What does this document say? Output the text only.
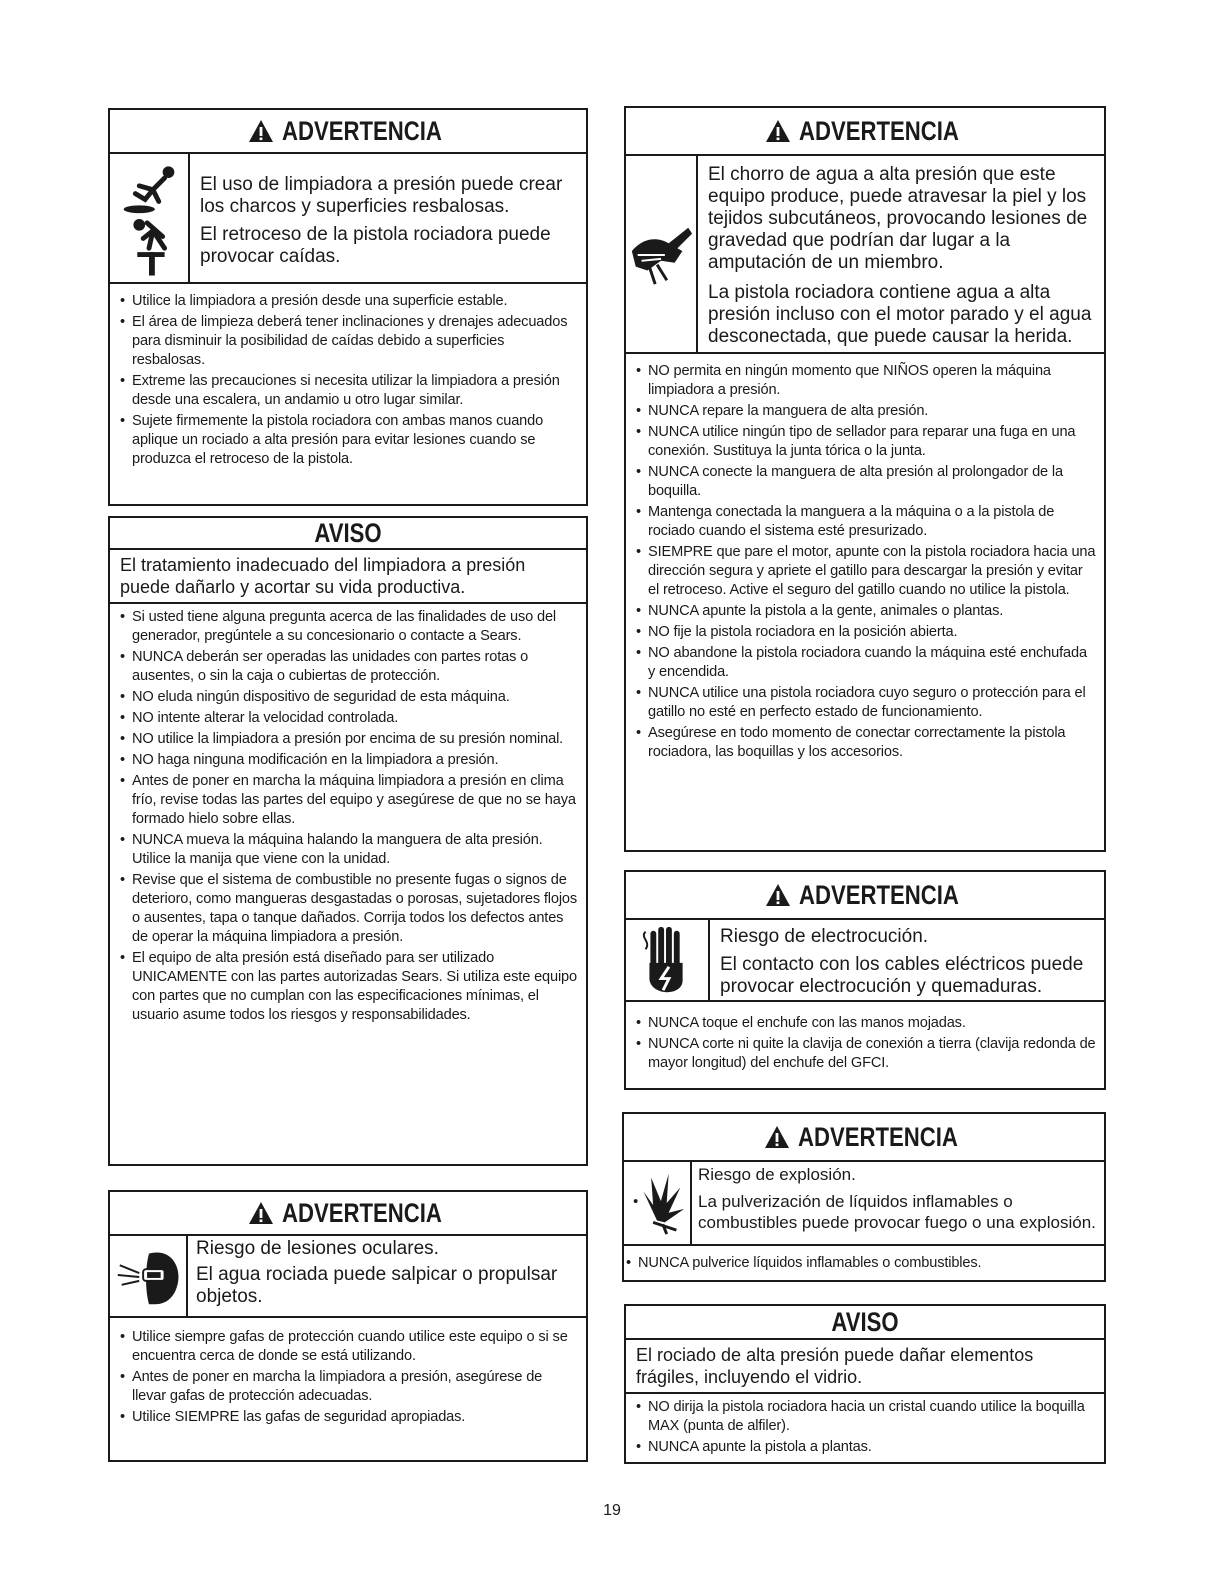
ADVERTENCIA

El uso de limpiadora a presión puede crear los charcos y superficies resbalosas.

El retroceso de la pistola rociadora puede provocar caídas.

• Utilice la limpiadora a presión desde una superficie estable.
• El área de limpieza deberá tener inclinaciones y drenajes adecuados para disminuir la posibilidad de caídas debido a superficies resbalosas.
• Extreme las precauciones si necesita utilizar la limpiadora a presión desde una escalera, un andamio u otro lugar similar.
• Sujete firmemente la pistola rociadora con ambas manos cuando aplique un rociado a alta presión para evitar lesiones cuando se produzca el retroceso de la pistola.
AVISO

El tratamiento inadecuado del limpiadora a presión puede dañarlo y acortar su vida productiva.

• Si usted tiene alguna pregunta acerca de las finalidades de uso del generador, pregúntele a su concesionario o contacte a Sears.
• NUNCA deberán ser operadas las unidades con partes rotas o ausentes, o sin la caja o cubiertas de protección.
• NO eluda ningún dispositivo de seguridad de esta máquina.
• NO intente alterar la velocidad controlada.
• NO utilice la limpiadora a presión por encima de su presión nominal.
• NO haga ninguna modificación en la limpiadora a presión.
• Antes de poner en marcha la máquina limpiadora a presión en clima frío, revise todas las partes del equipo y asegúrese de que no se haya formado hielo sobre ellas.
• NUNCA mueva la máquina halando la manguera de alta presión. Utilice la manija que viene con la unidad.
• Revise que el sistema de combustible no presente fugas o signos de deterioro, como mangueras desgastadas o porosas, sujetadores flojos o ausentes, tapa o tanque dañados. Corrija todos los defectos antes de operar la máquina limpiadora a presión.
• El equipo de alta presión está diseñado para ser utilizado UNICAMENTE con las partes autorizadas Sears. Si utiliza este equipo con partes que no cumplan con las especificaciones mínimas, el usuario asume todos los riesgos y responsabilidades.
ADVERTENCIA

Riesgo de lesiones oculares.

El agua rociada puede salpicar o propulsar objetos.

• Utilice siempre gafas de protección cuando utilice este equipo o si se encuentra cerca de donde se está utilizando.
• Antes de poner en marcha la limpiadora a presión, asegúrese de llevar gafas de protección adecuadas.
• Utilice SIEMPRE las gafas de seguridad apropiadas.
ADVERTENCIA

El chorro de agua a alta presión que este equipo produce, puede atravesar la piel y los tejidos subcutáneos, provocando lesiones de gravedad que podrían dar lugar a la amputación de un miembro.

La pistola rociadora contiene agua a alta presión incluso con el motor parado y el agua desconectada, que puede causar la herida.

• NO permita en ningún momento que NIÑOS operen la máquina limpiadora a presión.
• NUNCA repare la manguera de alta presión.
• NUNCA utilice ningún tipo de sellador para reparar una fuga en una conexión. Sustituya la junta tórica o la junta.
• NUNCA conecte la manguera de alta presión al prolongador de la boquilla.
• Mantenga conectada la manguera a la máquina o a la pistola de rociado cuando el sistema esté presurizado.
• SIEMPRE que pare el motor, apunte con la pistola rociadora hacia una dirección segura y apriete el gatillo para descargar la presión y evitar el retroceso. Active el seguro del gatillo cuando no utilice la pistola.
• NUNCA apunte la pistola a la gente, animales o plantas.
• NO fije la pistola rociadora en la posición abierta.
• NO abandone la pistola rociadora cuando la máquina esté enchufada y encendida.
• NUNCA utilice una pistola rociadora cuyo seguro o protección para el gatillo no esté en perfecto estado de funcionamiento.
• Asegúrese en todo momento de conectar correctamente la pistola rociadora, las boquillas y los accesorios.
ADVERTENCIA

Riesgo de electrocución.

El contacto con los cables eléctricos puede provocar electrocución y quemaduras.

• NUNCA toque el enchufe con las manos mojadas.
• NUNCA corte ni quite la clavija de conexión a tierra (clavija redonda de mayor longitud) del enchufe del GFCI.
ADVERTENCIA

Riesgo de explosión.

La pulverización de líquidos inflamables o combustibles puede provocar fuego o una explosión.

• NUNCA pulverice líquidos inflamables o combustibles.
AVISO

El rociado de alta presión puede dañar elementos frágiles, incluyendo el vidrio.

• NO dirija la pistola rociadora hacia un cristal cuando utilice la boquilla MAX (punta de alfiler).
• NUNCA apunte la pistola a plantas.
19
